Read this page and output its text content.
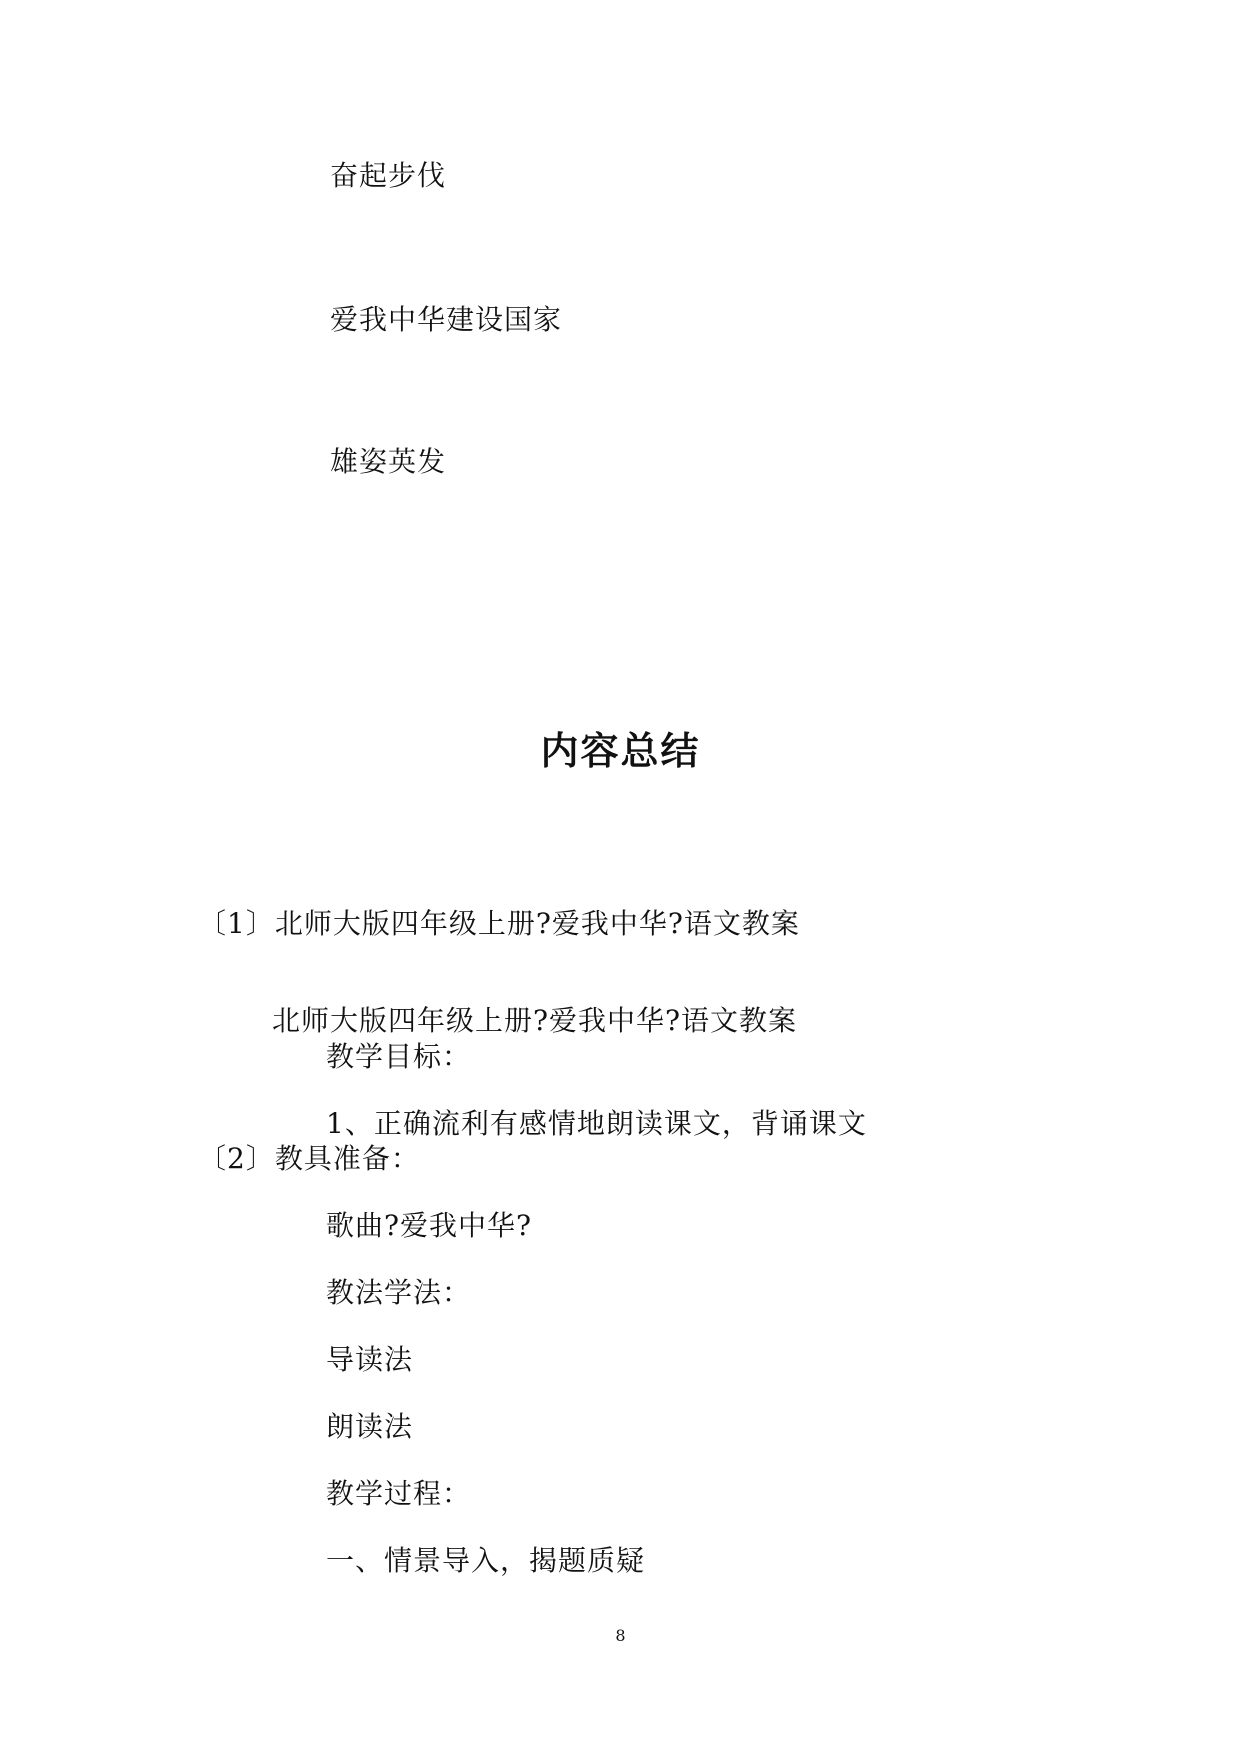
奋起步伐
爱我中华建设国家
雄姿英发
内容总结
〔1〕北师大版四年级上册?爱我中华?语文教案
北师大版四年级上册?爱我中华?语文教案
教学目标：
1、正确流利有感情地朗读课文，背诵课文
〔2〕教具准备：
歌曲?爱我中华?
教法学法：
导读法
朗读法
教学过程：
一、情景导入，揭题质疑
8
